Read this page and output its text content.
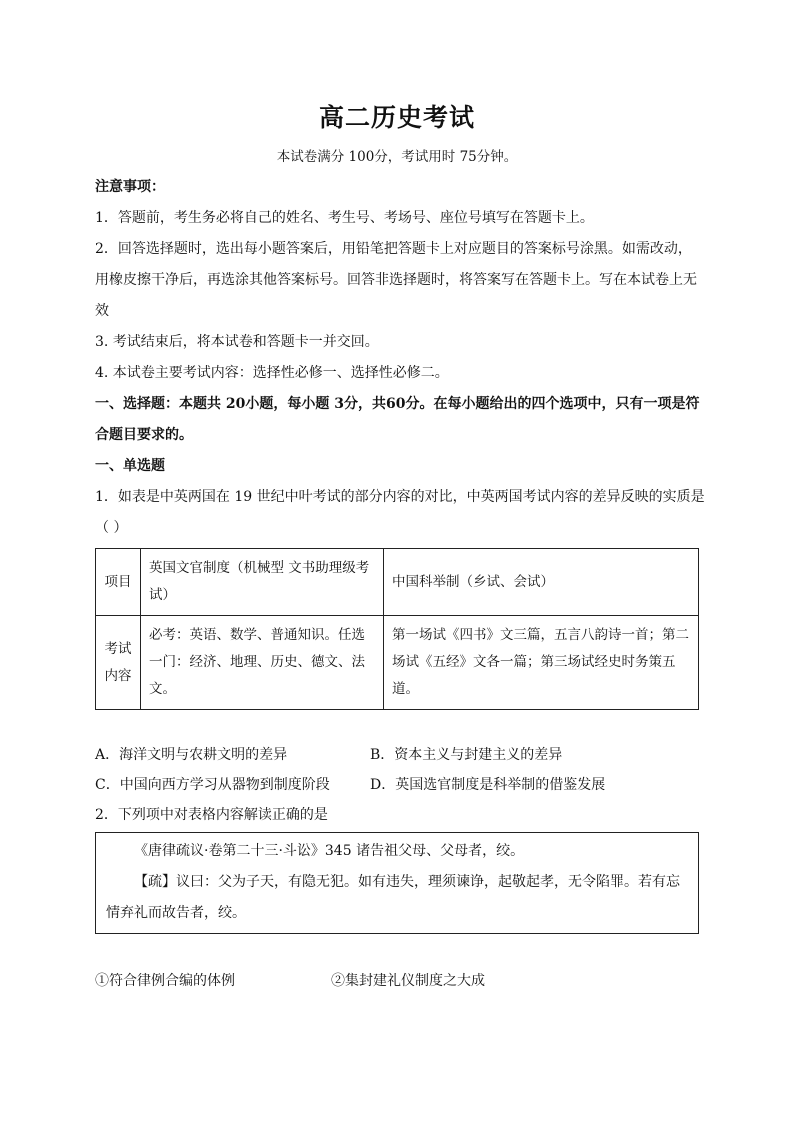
高二历史考试
本试卷满分 100分，考试用时 75分钟。

注意事项：

1．答题前，考生务必将自己的姓名、考生号、考场号、座位号填写在答题卡上。

2．回答选择题时，选出每小题答案后，用铅笔把答题卡上对应题目的答案标号涂黑。如需改动，

用橡皮擦干净后，再选涂其他答案标号。回答非选择题时，将答案写在答题卡上。写在本试卷上无

效

3. 考试结束后，将本试卷和答题卡一并交回。

4. 本试卷主要考试内容：选择性必修一、选择性必修二。

一、选择题：本题共 20小题，每小题 3分，共60分。在每小题给出的四个选项中，只有一项是符

合题目要求的。

一、单选题

1．如表是中英两国在 19 世纪中叶考试的部分内容的对比，中英两国考试内容的差异反映的实质是

（ ）

项目	英国文官制度（机械型 文书助理级考试）	中国科举制（乡试、会试）
考试内容	必考：英语、数学、普通知识。任选一门：经济、地理、历史、德文、法文。	第一场试《四书》文三篇，五言八韵诗一首；第二场试《五经》文各一篇；第三场试经史时务策五道。
A．海洋文明与农耕文明的差异	B．资本主义与封建主义的差异
C．中国向西方学习从器物到制度阶段	D．英国选官制度是科举制的借鉴发展

2．下列项中对表格内容解读正确的是

《唐律疏议·卷第二十三·斗讼》345 诸告祖父母、父母者，绞。

【疏】议曰：父为子天，有隐无犯。如有违失，理须谏诤，起敬起孝，无令陷罪。若有忘

情弃礼而故告者，绞。

①符合律例合编的体例	②集封建礼仪制度之大成
